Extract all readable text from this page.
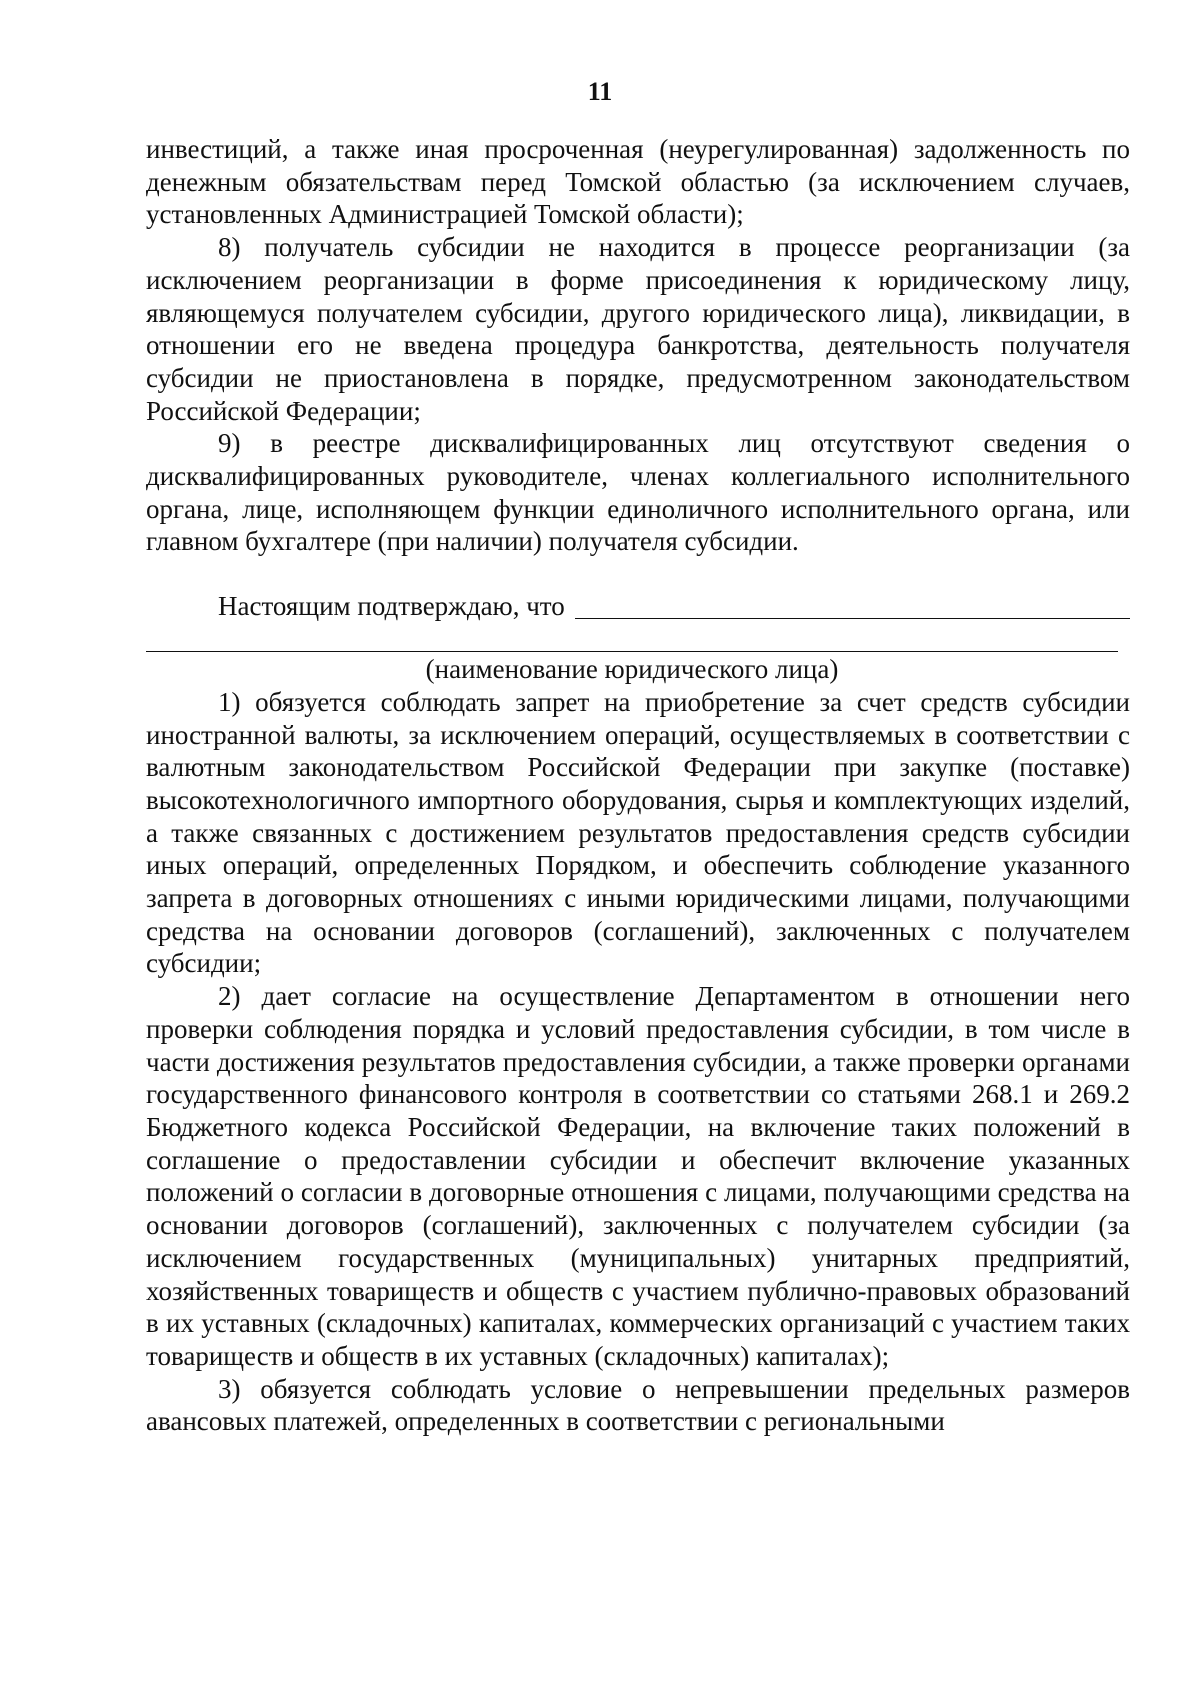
11

инвестиций, а также иная просроченная (неурегулированная) задолженность по денежным обязательствам перед Томской областью (за исключением случаев, установленных Администрацией Томской области);

8) получатель субсидии не находится в процессе реорганизации (за исключением реорганизации в форме присоединения к юридическому лицу, являющемуся получателем субсидии, другого юридического лица), ликвидации, в отношении его не введена процедура банкротства, деятельность получателя субсидии не приостановлена в порядке, предусмотренном законодательством Российской Федерации;

9) в реестре дисквалифицированных лиц отсутствуют сведения о дисквалифицированных руководителе, членах коллегиального исполнительного органа, лице, исполняющем функции единоличного исполнительного органа, или главном бухгалтере (при наличии) получателя субсидии.

Настоящим подтверждаю, что

(наименование юридического лица)

1) обязуется соблюдать запрет на приобретение за счет средств субсидии иностранной валюты, за исключением операций, осуществляемых в соответствии с валютным законодательством Российской Федерации при закупке (поставке) высокотехнологичного импортного оборудования, сырья и комплектующих изделий, а также связанных с достижением результатов предоставления средств субсидии иных операций, определенных Порядком, и обеспечить соблюдение указанного запрета в договорных отношениях с иными юридическими лицами, получающими средства на основании договоров (соглашений), заключенных с получателем субсидии;

2) дает согласие на осуществление Департаментом в отношении него проверки соблюдения порядка и условий предоставления субсидии, в том числе в части достижения результатов предоставления субсидии, а также проверки органами государственного финансового контроля в соответствии со статьями 268.1 и 269.2 Бюджетного кодекса Российской Федерации, на включение таких положений в соглашение о предоставлении субсидии и обеспечит включение указанных положений о согласии в договорные отношения с лицами, получающими средства на основании договоров (соглашений), заключенных с получателем субсидии (за исключением государственных (муниципальных) унитарных предприятий, хозяйственных товариществ и обществ с участием публично-правовых образований в их уставных (складочных) капиталах, коммерческих организаций с участием таких товариществ и обществ в их уставных (складочных) капиталах);

3) обязуется соблюдать условие о непревышении предельных размеров авансовых платежей, определенных в соответствии с региональными
